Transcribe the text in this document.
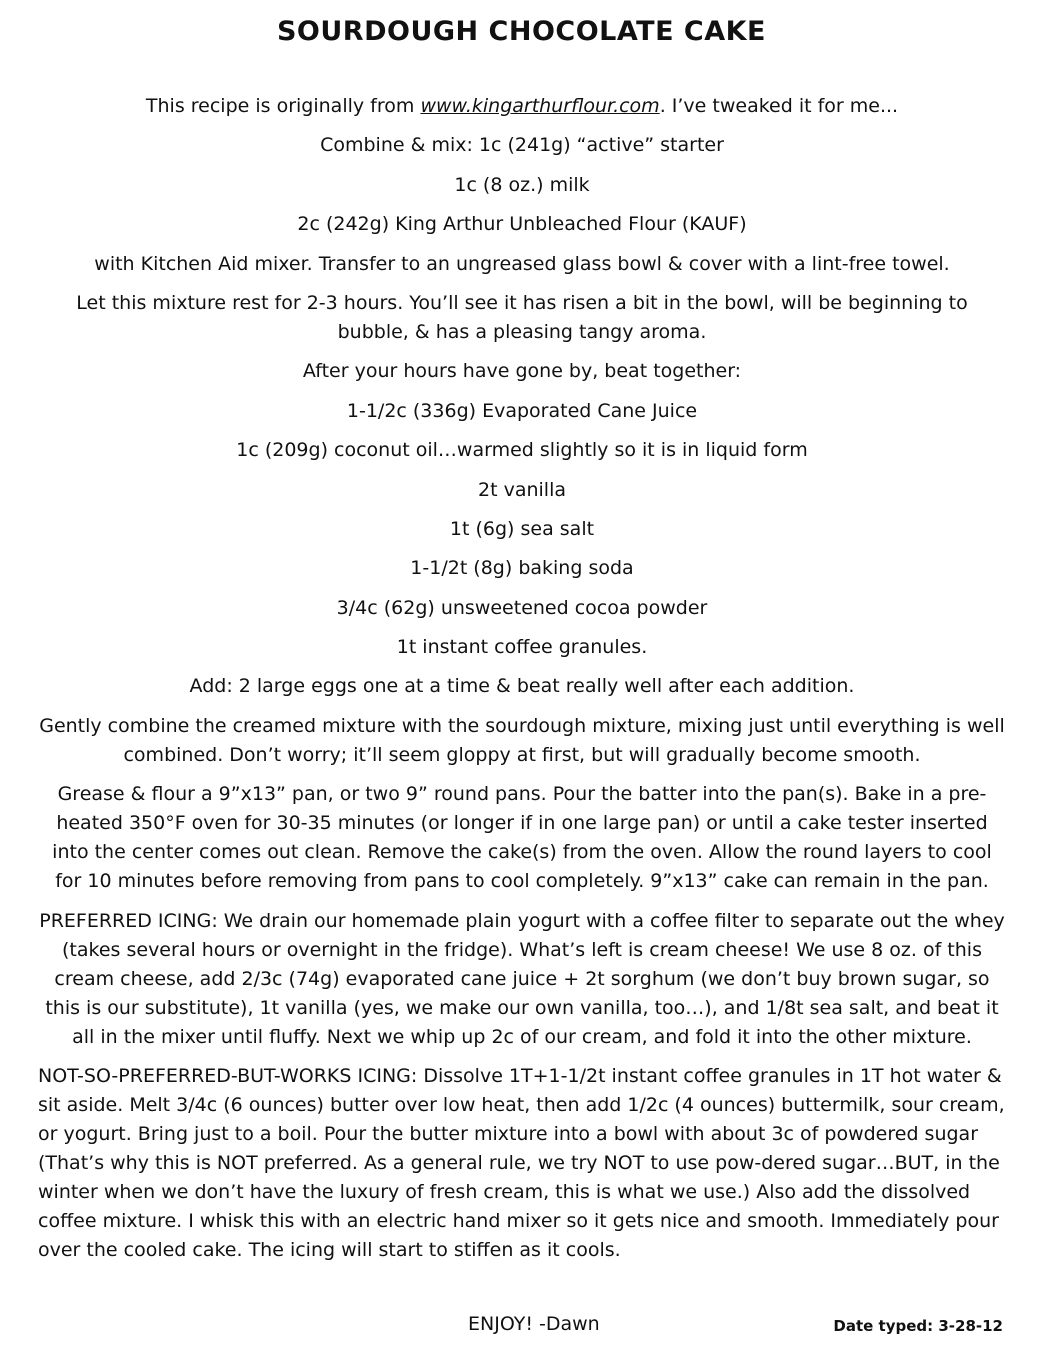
SOURDOUGH CHOCOLATE CAKE

This recipe is originally from www.kingarthurflour.com. I’ve tweaked it for me...

Combine & mix: 1c (241g) “active” starter

1c (8 oz.) milk

2c (242g) King Arthur Unbleached Flour (KAUF)

with Kitchen Aid mixer. Transfer to an ungreased glass bowl & cover with a lint-free towel.

Let this mixture rest for 2-3 hours. You’ll see it has risen a bit in the bowl, will be beginning to bubble, & has a pleasing tangy aroma.

After your hours have gone by, beat together:

1-1/2c (336g) Evaporated Cane Juice

1c (209g) coconut oil…warmed slightly so it is in liquid form

2t vanilla

1t (6g) sea salt

1-1/2t (8g) baking soda

3/4c (62g) unsweetened cocoa powder

1t instant coffee granules.

Add: 2 large eggs one at a time & beat really well after each addition.

Gently combine the creamed mixture with the sourdough mixture, mixing just until everything is well combined. Don’t worry; it’ll seem gloppy at first, but will gradually become smooth.

Grease & flour a 9”x13” pan, or two 9” round pans. Pour the batter into the pan(s). Bake in a pre-heated 350°F oven for 30-35 minutes (or longer if in one large pan) or until a cake tester inserted into the center comes out clean. Remove the cake(s) from the oven. Allow the round layers to cool for 10 minutes before removing from pans to cool completely. 9”x13” cake can remain in the pan.

PREFERRED ICING: We drain our homemade plain yogurt with a coffee filter to separate out the whey (takes several hours or overnight in the fridge). What’s left is cream cheese! We use 8 oz. of this cream cheese, add 2/3c (74g) evaporated cane juice + 2t sorghum (we don’t buy brown sugar, so this is our substitute), 1t vanilla (yes, we make our own vanilla, too…), and 1/8t sea salt, and beat it all in the mixer until fluffy. Next we whip up 2c of our cream, and fold it into the other mixture.

NOT-SO-PREFERRED-BUT-WORKS ICING: Dissolve 1T+1-1/2t instant coffee granules in 1T hot water & sit aside. Melt 3/4c (6 ounces) butter over low heat, then add 1/2c (4 ounces) buttermilk, sour cream, or yogurt. Bring just to a boil. Pour the butter mixture into a bowl with about 3c of powdered sugar (That’s why this is NOT preferred. As a general rule, we try NOT to use pow-dered sugar…BUT, in the winter when we don’t have the luxury of fresh cream, this is what we use.) Also add the dissolved coffee mixture. I whisk this with an electric hand mixer so it gets nice and smooth. Immediately pour over the cooled cake. The icing will start to stiffen as it cools.

ENJOY! -Dawn	Date typed: 3-28-12
